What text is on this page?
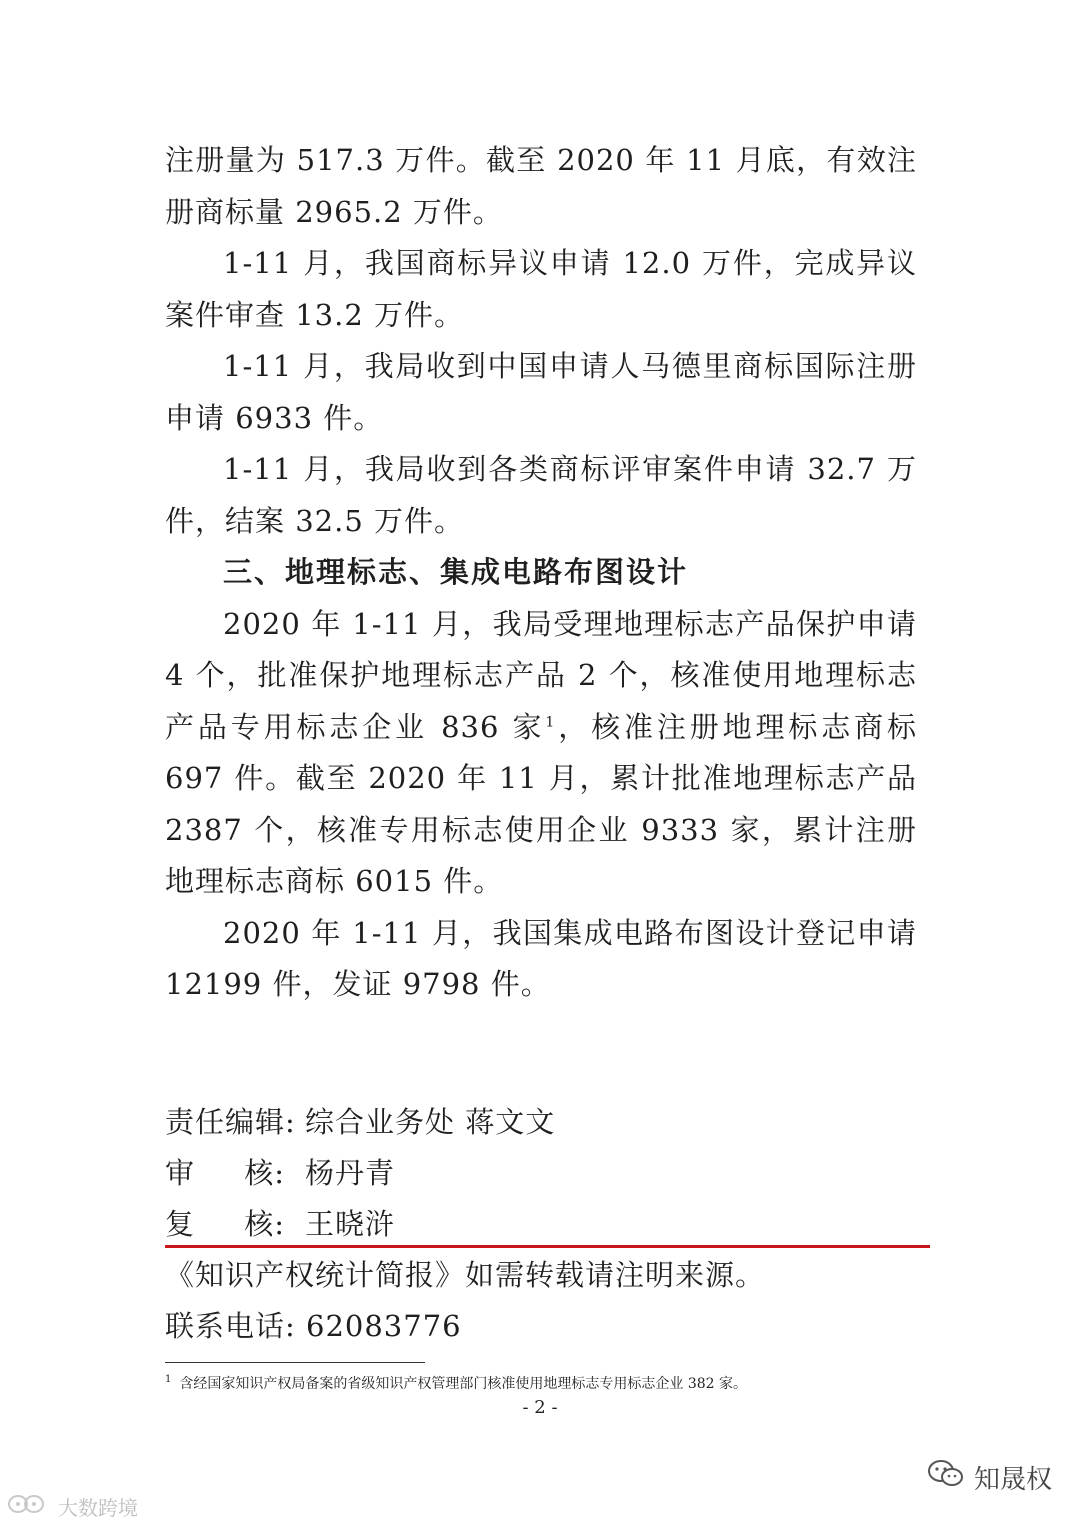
注册量为 517.3 万件。截至 2020 年 11 月底，有效注册商标量 2965.2 万件。

1-11 月，我国商标异议申请 12.0 万件，完成异议案件审查 13.2 万件。

1-11 月，我局收到中国申请人马德里商标国际注册申请 6933 件。

1-11 月，我局收到各类商标评审案件申请 32.7 万件，结案 32.5 万件。

三、地理标志、集成电路布图设计

2020 年 1-11 月，我局受理地理标志产品保护申请 4 个，批准保护地理标志产品 2 个，核准使用地理标志产品专用标志企业 836 家$^1$，核准注册地理标志商标 697 件。截至 2020 年 11 月，累计批准地理标志产品 2387 个，核准专用标志使用企业 9333 家，累计注册地理标志商标 6015 件。

2020 年 1-11 月，我国集成电路布图设计登记申请 12199 件，发证 9798 件。

责任编辑: 综合业务处 蒋文文
审 核: 杨丹青
复 核: 王晓浒
《知识产权统计简报》如需转载请注明来源。
联系电话: 62083776
$^1$ 含经国家知识产权局备案的省级知识产权管理部门核准使用地理标志专用标志企业 382 家。
- 2 -
大数跨境
知晟权
